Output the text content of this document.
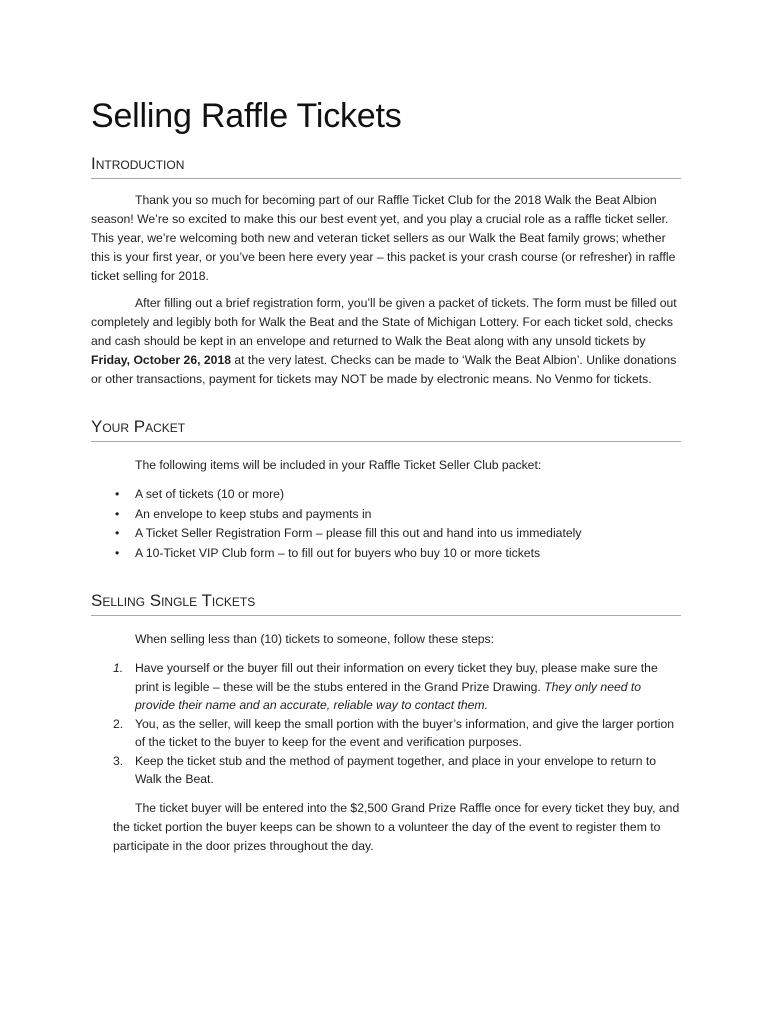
Selling Raffle Tickets
Introduction

Thank you so much for becoming part of our Raffle Ticket Club for the 2018 Walk the Beat Albion season! We’re so excited to make this our best event yet, and you play a crucial role as a raffle ticket seller. This year, we’re welcoming both new and veteran ticket sellers as our Walk the Beat family grows; whether this is your first year, or you’ve been here every year – this packet is your crash course (or refresher) in raffle ticket selling for 2018.

After filling out a brief registration form, you’ll be given a packet of tickets. The form must be filled out completely and legibly both for Walk the Beat and the State of Michigan Lottery. For each ticket sold, checks and cash should be kept in an envelope and returned to Walk the Beat along with any unsold tickets by Friday, October 26, 2018 at the very latest. Checks can be made to ‘Walk the Beat Albion’. Unlike donations or other transactions, payment for tickets may NOT be made by electronic means. No Venmo for tickets.

Your Packet

The following items will be included in your Raffle Ticket Seller Club packet:

• A set of tickets (10 or more)
• An envelope to keep stubs and payments in
• A Ticket Seller Registration Form – please fill this out and hand into us immediately
• A 10-Ticket VIP Club form – to fill out for buyers who buy 10 or more tickets
Selling Single Tickets

When selling less than (10) tickets to someone, follow these steps:

1. Have yourself or the buyer fill out their information on every ticket they buy, please make sure the print is legible – these will be the stubs entered in the Grand Prize Drawing. They only need to provide their name and an accurate, reliable way to contact them.
2. You, as the seller, will keep the small portion with the buyer’s information, and give the larger portion of the ticket to the buyer to keep for the event and verification purposes.
3. Keep the ticket stub and the method of payment together, and place in your envelope to return to Walk the Beat.

The ticket buyer will be entered into the $2,500 Grand Prize Raffle once for every ticket they buy, and the ticket portion the buyer keeps can be shown to a volunteer the day of the event to register them to participate in the door prizes throughout the day.
